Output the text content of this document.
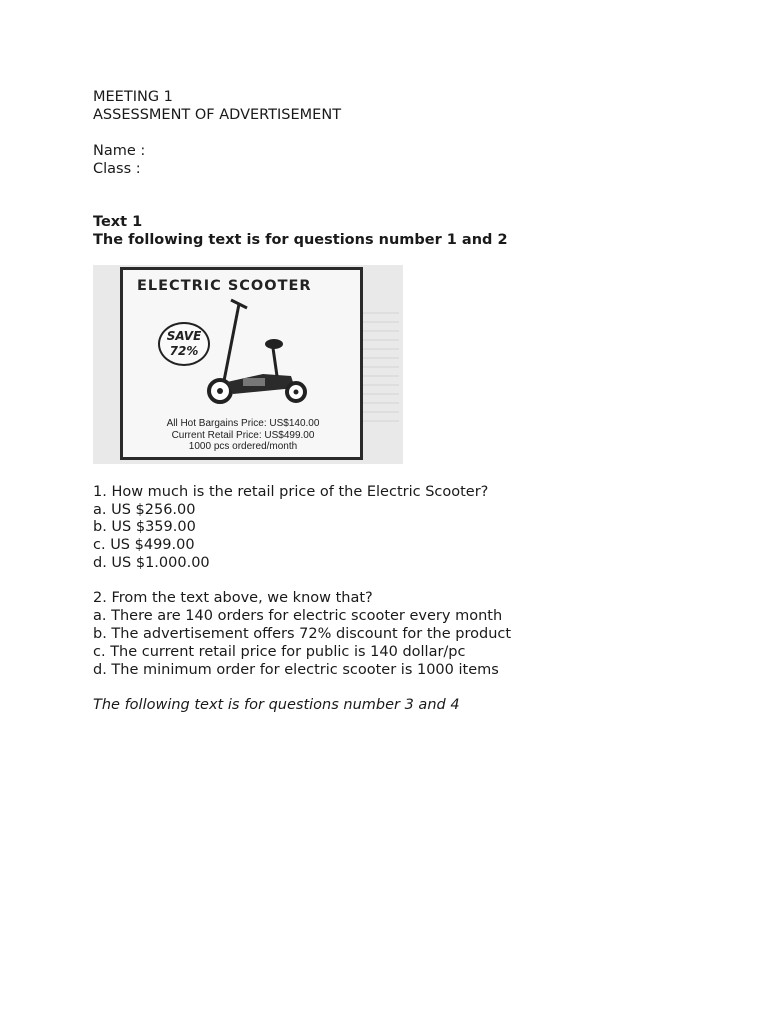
MEETING 1
ASSESSMENT OF ADVERTISEMENT
Name :
Class :
Text 1
The following text is for questions number 1 and 2
ELECTRIC SCOOTER
SAVE
72%
All Hot Bargains Price: US$140.00
Current Retail Price: US$499.00
1000 pcs ordered/month
1. How much is the retail price of the Electric Scooter?
a. US $256.00
b. US $359.00
c. US $499.00
d. US $1.000.00
2. From the text above, we know that?
a. There are 140 orders for electric scooter every month
b. The advertisement offers 72% discount for the product
c. The current retail price for public is 140 dollar/pc
d. The minimum order for electric scooter is 1000 items
The following text is for questions number 3 and 4
